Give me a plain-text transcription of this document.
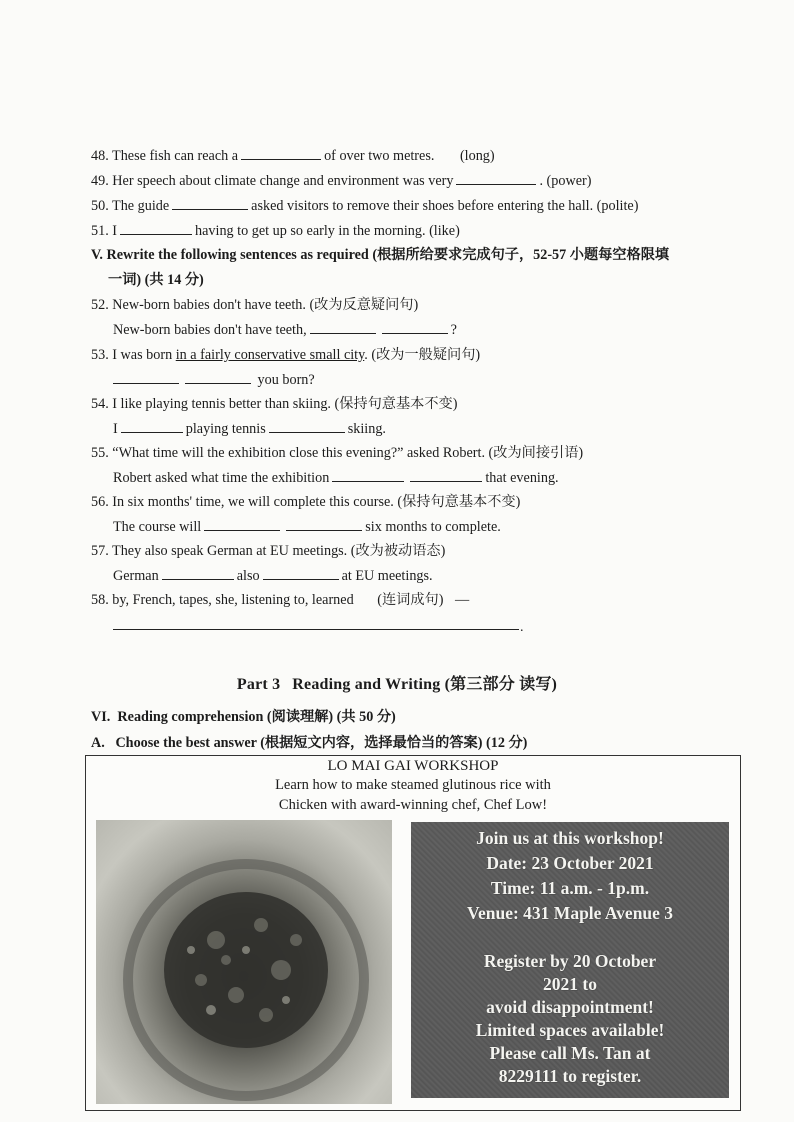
48. These fish can reach a	of over two metres. (long)
49. Her speech about climate change and environment was very	. (power)
50. The guide	asked visitors to remove their shoes before entering the hall. (polite)
51. I	having to get up so early in the morning. (like)
V. Rewrite the following sentences as required (根据所给要求完成句子，52-57 小题每空格限填
一词) (共 14 分)
52. New-born babies don't have teeth. (改为反意疑问句)
New-born babies don't have teeth,	?
53. I was born in a fairly conservative small city. (改为一般疑问句)
you born?
54. I like playing tennis better than skiing. (保持句意基本不变)
I	playing tennis	skiing.
55. “What time will the exhibition close this evening?” asked Robert. (改为间接引语)
Robert asked what time the exhibition	that evening.
56. In six months' time, we will complete this course. (保持句意基本不变)
The course will	six months to complete.
57. They also speak German at EU meetings. (改为被动语态)
German	also	at EU meetings.
58. by, French, tapes, she, listening to, learned (连词成句) —
.
Part 3 Reading and Writing (第三部分 读写)
VI. Reading comprehension (阅读理解) (共 50 分)
A. Choose the best answer (根据短文内容，选择最恰当的答案) (12 分)
LO MAI GAI WORKSHOP
Learn how to make steamed glutinous rice with
Chicken with award-winning chef, Chef Low!
Join us at this workshop!
Date: 23 October 2021
Time: 11 a.m. - 1p.m.
Venue: 431 Maple Avenue 3
Register by 20 October
2021 to
avoid disappointment!
Limited spaces available!
Please call Ms. Tan at
8229111 to register.
